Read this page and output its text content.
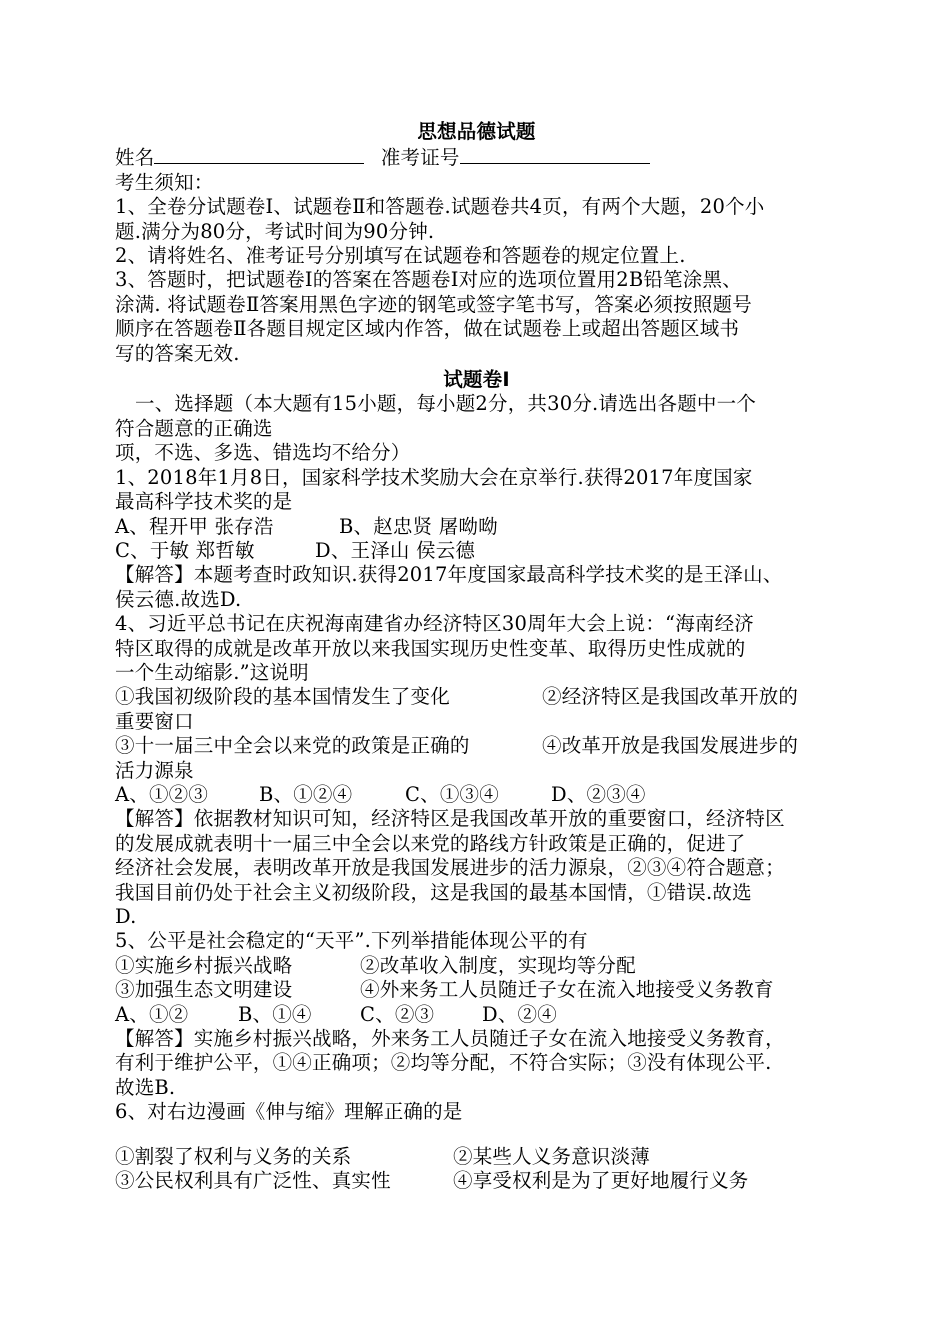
思想品德试题
姓名	准考证号
考生须知：
1、全卷分试题卷Ⅰ、试题卷Ⅱ和答题卷.试题卷共4页，有两个大题，20个小
题.满分为80分，考试时间为90分钟.
2、请将姓名、准考证号分别填写在试题卷和答题卷的规定位置上.
3、答题时，把试题卷Ⅰ的答案在答题卷Ⅰ对应的选项位置用2B铅笔涂黑、
涂满. 将试题卷Ⅱ答案用黑色字迹的钢笔或签字笔书写，答案必须按照题号
顺序在答题卷Ⅱ各题目规定区域内作答，做在试题卷上或超出答题区域书
写的答案无效.
试题卷Ⅰ
一、选择题（本大题有15小题，每小题2分，共30分.请选出各题中一个
符合题意的正确选
项，不选、多选、错选均不给分）
1、2018年1月8日，国家科学技术奖励大会在京举行.获得2017年度国家
最高科学技术奖的是
A、程开甲 张存浩	B、赵忠贤 屠呦呦
C、于敏 郑哲敏	D、王泽山 侯云德
【解答】本题考查时政知识.获得2017年度国家最高科学技术奖的是王泽山、
侯云德.故选D.
4、习近平总书记在庆祝海南建省办经济特区30周年大会上说：“海南经济
特区取得的成就是改革开放以来我国实现历史性变革、取得历史性成就的
一个生动缩影.”这说明
①我国初级阶段的基本国情发生了变化	②经济特区是我国改革开放的
重要窗口
③十一届三中全会以来党的政策是正确的	④改革开放是我国发展进步的
活力源泉
A、①②③	B、①②④	C、①③④	D、②③④
【解答】依据教材知识可知，经济特区是我国改革开放的重要窗口，经济特区
的发展成就表明十一届三中全会以来党的路线方针政策是正确的，促进了
经济社会发展，表明改革开放是我国发展进步的活力源泉，②③④符合题意；
我国目前仍处于社会主义初级阶段，这是我国的最基本国情，①错误.故选
D.
5、公平是社会稳定的“天平”.下列举措能体现公平的有
①实施乡村振兴战略	②改革收入制度，实现均等分配
③加强生态文明建设	④外来务工人员随迁子女在流入地接受义务教育
A、①②	B、①④ C、②③ D、②④
【解答】实施乡村振兴战略，外来务工人员随迁子女在流入地接受义务教育，
有利于维护公平，①④正确项；②均等分配，不符合实际；③没有体现公平.
故选B.
6、对右边漫画《伸与缩》理解正确的是
①割裂了权利与义务的关系	②某些人义务意识淡薄
③公民权利具有广泛性、真实性	④享受权利是为了更好地履行义务
